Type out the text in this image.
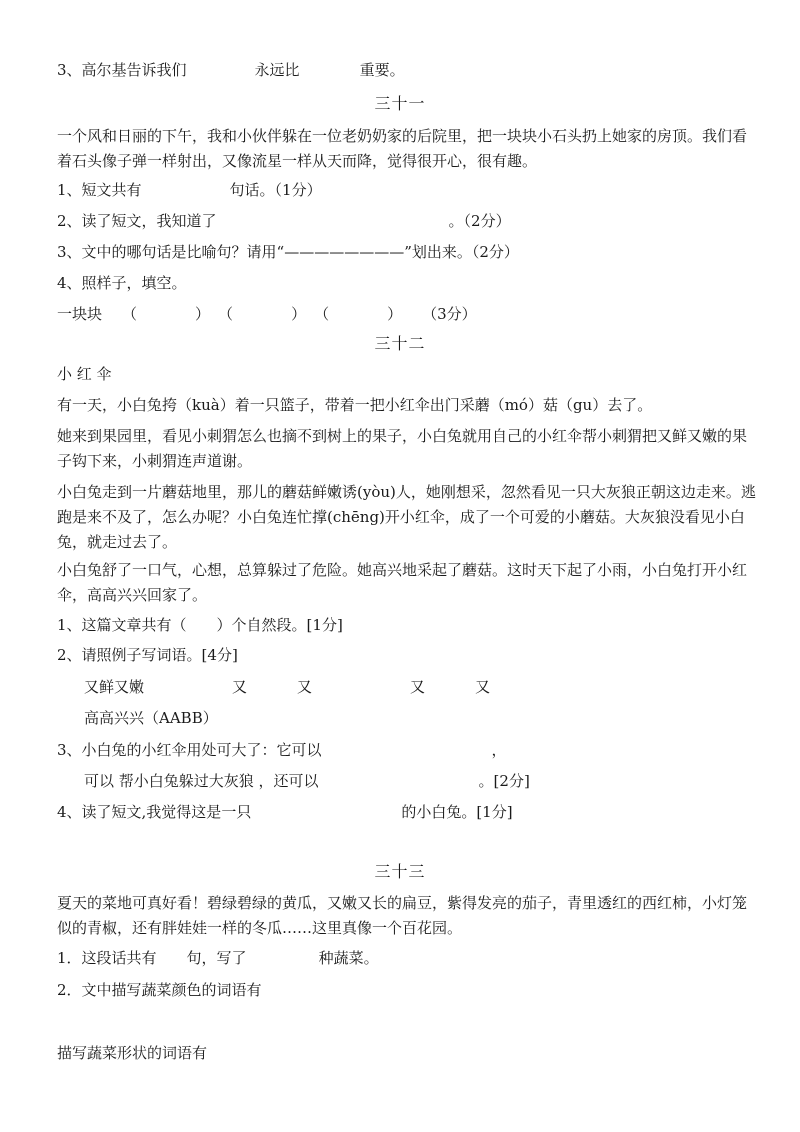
3、高尔基告诉我们	永远比	重要。
三十一
一个风和日丽的下午，我和小伙伴躲在一位老奶奶家的后院里，把一块块小石头扔上她家的房顶。我们看着石头像子弹一样射出，又像流星一样从天而降，觉得很开心，很有趣。
1、短文共有	句话。（1分）
2、读了短文，我知道了	。（2分）
3、文中的哪句话是比喻句？请用“————————”划出来。（2分）
4、照样子，填空。
一块块 （	） （	） （	） （3分）
三十二
小 红 伞
有一天，小白兔挎（kuà）着一只篮子，带着一把小红伞出门采蘑（mó）菇（gu）去了。
她来到果园里，看见小刺猬怎么也摘不到树上的果子，小白兔就用自己的小红伞帮小刺猬把又鲜又嫩的果子钩下来，小刺猬连声道谢。
小白兔走到一片蘑菇地里，那儿的蘑菇鲜嫩诱(yòu)人，她刚想采，忽然看见一只大灰狼正朝这边走来。逃跑是来不及了，怎么办呢？小白兔连忙撑(chēng)开小红伞，成了一个可爱的小蘑菇。大灰狼没看见小白兔，就走过去了。
小白兔舒了一口气，心想，总算躲过了危险。她高兴地采起了蘑菇。这时天下起了小雨，小白兔打开小红伞，高高兴兴回家了。
1、这篇文章共有（　　）个自然段。[1分]
2、请照例子写词语。[4分]
又鲜又嫩	又	又	又	又
高高兴兴（AABB）
3、小白兔的小红伞用处可大了：它可以	，
可以 帮小白兔躲过大灰狼 ，还可以	。[2分]
4、读了短文,我觉得这是一只	的小白兔。[1分]
三十三
夏天的菜地可真好看！碧绿碧绿的黄瓜，又嫩又长的扁豆，紫得发亮的茄子，青里透红的西红柿，小灯笼似的青椒，还有胖娃娃一样的冬瓜……这里真像一个百花园。
1．这段话共有 句，写了	种蔬菜。
2．文中描写蔬菜颜色的词语有
描写蔬菜形状的词语有
